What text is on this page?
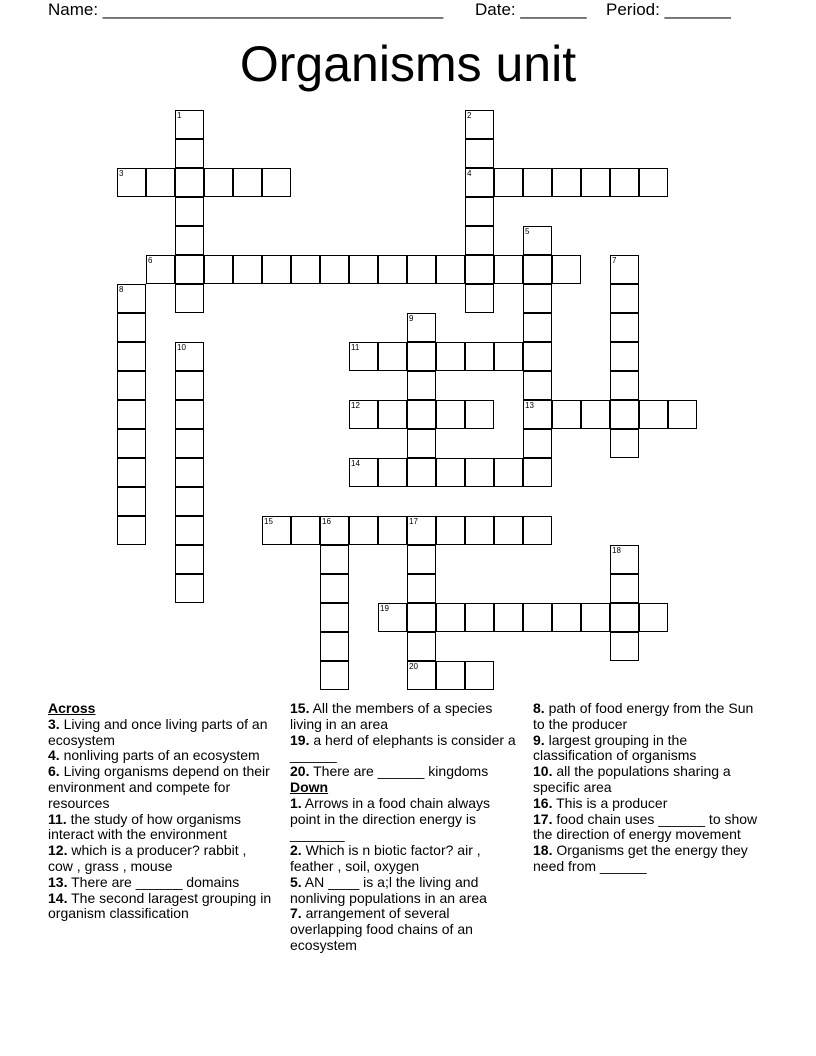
Name: ____________________________________ Date: _______ Period: _______
Organisms unit
1	2
4
3
5
13
6	7
8
9
10	11
12
14
15	16	17
20
18
19
Across
3. Living and once living parts of an ecosystem
4. nonliving parts of an ecosystem
6. Living organisms depend on their environment and compete for resources
11. the study of how organisms interact with the environment
12. which is a producer? rabbit , cow , grass , mouse
13. There are ______ domains
14. The second laragest grouping in organism classification
15. All the members of a species living in an area
19. a herd of elephants is consider a ______
20. There are ______ kingdoms
Down
1. Arrows in a food chain always point in the direction energy is _______
2. Which is n biotic factor? air , feather , soil, oxygen
5. AN ____ is a;l the living and nonliving populations in an area
7. arrangement of several overlapping food chains of an ecosystem
8. path of food energy from the Sun to the producer
9. largest grouping in the classification of organisms
10. all the populations sharing a specific area
16. This is a producer
17. food chain uses ______ to show the direction of energy movement
18. Organisms get the energy they need from ______
